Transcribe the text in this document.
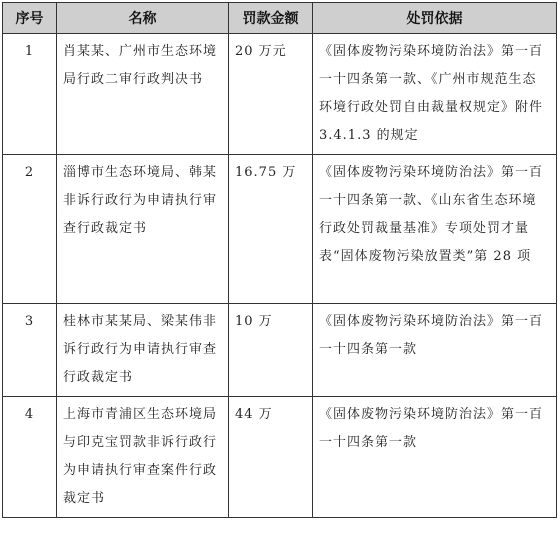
序号	名称	罚款金额	处罚依据
1	肖某某、广州市生态环境局行政二审行政判决书	20 万元	《固体废物污染环境防治法》第一百一十四条第一款、《广州市规范生态环境行政处罚自由裁量权规定》附件 3.4.1.3 的规定
2	淄博市生态环境局、韩某非诉行政行为申请执行审查行政裁定书	16.75 万	《固体废物污染环境防治法》第一百一十四条第一款、《山东省生态环境行政处罚裁量基准》专项处罚才量表“固体废物污染放置类”第 28 项
3	桂林市某某局、梁某伟非诉行政行为申请执行审查行政裁定书	10 万	《固体废物污染环境防治法》第一百一十四条第一款
4	上海市青浦区生态环境局与印克宝罚款非诉行政行为申请执行审查案件行政裁定书	44 万	《固体废物污染环境防治法》第一百一十四条第一款
